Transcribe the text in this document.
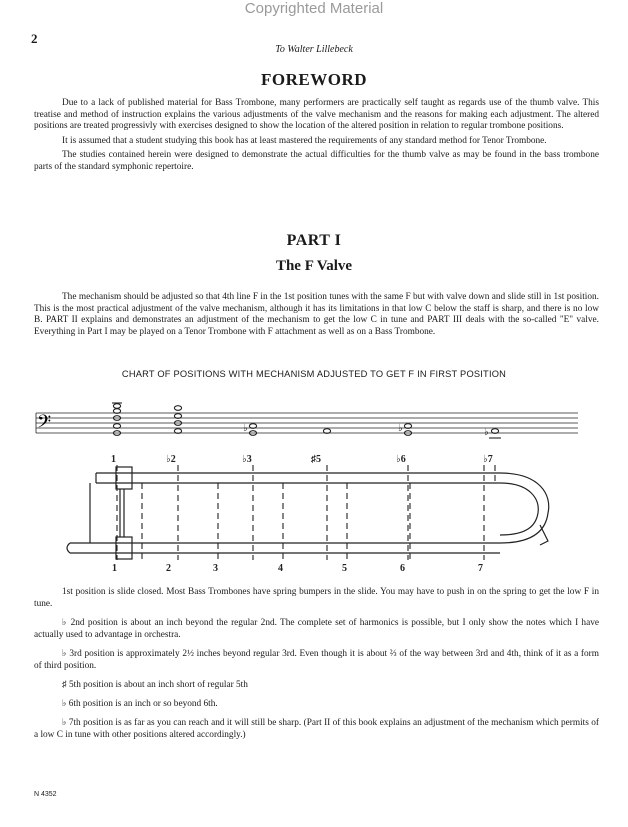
Copyrighted Material
2
To Walter Lillebeck
FOREWORD

Due to a lack of published material for Bass Trombone, many performers are practically self taught as regards use of the thumb valve. This treatise and method of instruction explains the various adjustments of the valve mechanism and the reasons for making each adjustment. The altered positions are treated progressivly with exercises designed to show the location of the altered position in relation to regular trombone positions.

It is assumed that a student studying this book has at least mastered the requirements of any standard method for Tenor Trombone.

The studies contained herein were designed to demonstrate the actual difficulties for the thumb valve as may be found in the bass trombone parts of the standard symphonic repertoire.

PART I
The F Valve

The mechanism should be adjusted so that 4th line F in the 1st position tunes with the same F but with valve down and slide still in 1st position. This is the most practical adjustment of the valve mechanism, although it has its limitations in that low C below the staff is sharp, and there is no low B. PART II explains and demonstrates an adjustment of the mechanism to get the low C in tune and PART III deals with the so-called "E" valve. Everything in Part I may be played on a Tenor Trombone with F attachment as well as on a Bass Trombone.

CHART OF POSITIONS WITH MECHANISM ADJUSTED TO GET F IN FIRST POSITION
𝄢	♭	♭	♭
1	♭2	♭3	♯5	♭6	♭7
1	2	3	4	5	6	7

1st position is slide closed. Most Bass Trombones have spring bumpers in the slide. You may have to push in on the spring to get the low F in tune.

♭ 2nd position is about an inch beyond the regular 2nd. The complete set of harmonics is possible, but I only show the notes which I have actually used to advantage in orchestra.

♭ 3rd position is approximately 2½ inches beyond regular 3rd. Even though it is about ⅔ of the way between 3rd and 4th, think of it as a form of third position.

♯ 5th position is about an inch short of regular 5th

♭ 6th position is an inch or so beyond 6th.

♭ 7th position is as far as you can reach and it will still be sharp. (Part II of this book explains an adjustment of the mechanism which permits of a low C in tune with other positions altered accordingly.)

N 4352
